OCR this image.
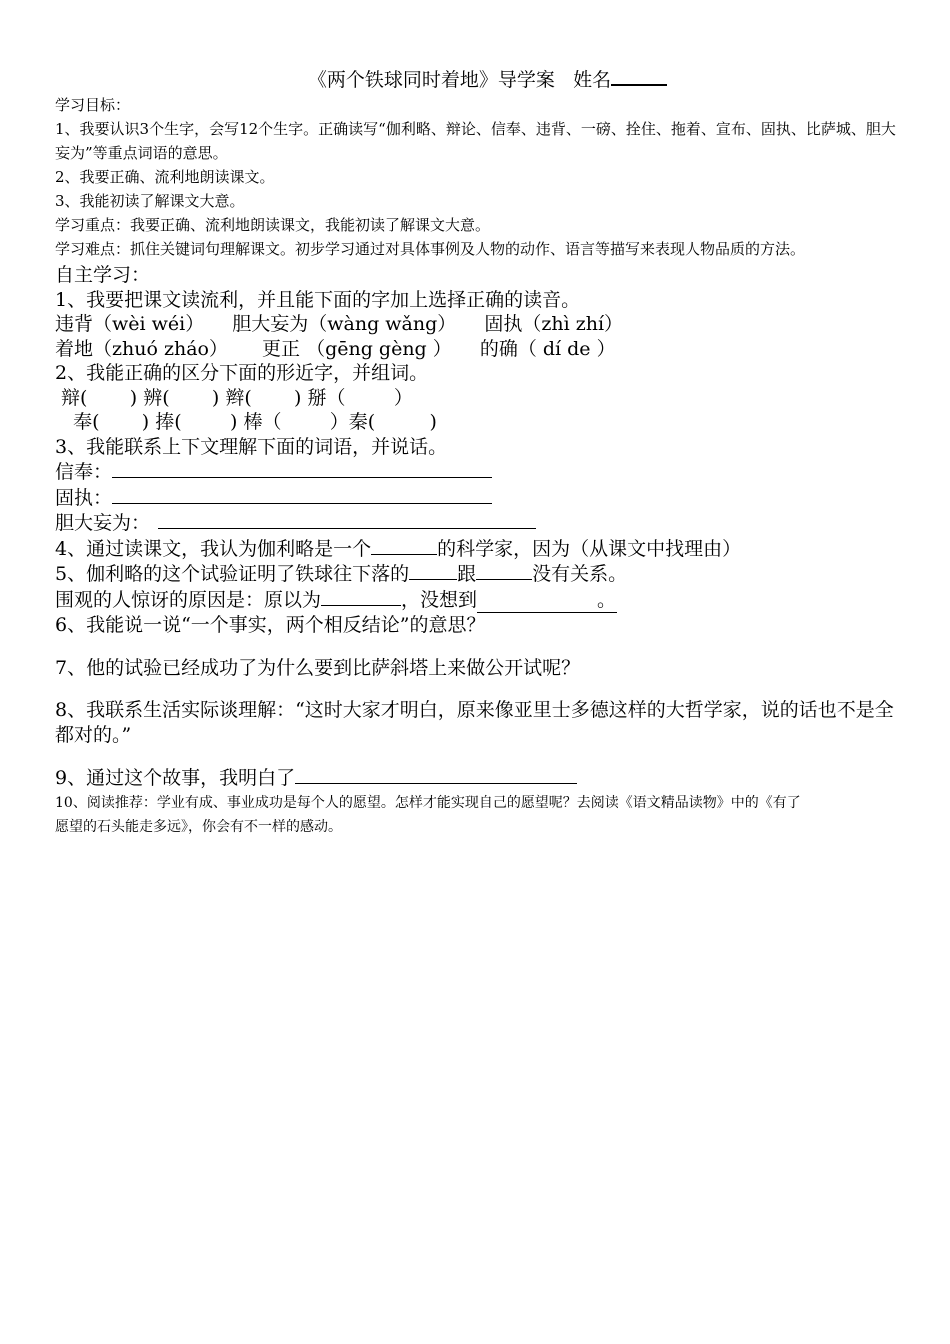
《两个铁球同时着地》导学案 姓名
学习目标：
1、我要认识3个生字，会写12个生字。正确读写“伽利略、辩论、信奉、违背、一磅、拴住、拖着、宣布、固执、比萨城、胆大妄为”等重点词语的意思。
2、我要正确、流利地朗读课文。
3、我能初读了解课文大意。
学习重点：我要正确、流利地朗读课文，我能初读了解课文大意。
学习难点：抓住关键词句理解课文。初步学习通过对具体事例及人物的动作、语言等描写来表现人物品质的方法。
自主学习：
1、我要把课文读流利，并且能下面的字加上选择正确的读音。
违背（wèi wéi） 胆大妄为（wàng wǎng） 固执（zhì zhí）
着地（zhuó zháo） 更正 （gēng gèng ） 的确（ dí de ）
2、我能正确的区分下面的形近字，并组词。
辩(       ) 辨(       ) 辫(       ) 掰（        ）
奉(       ) 捧(        ) 棒（        ）秦(         )
3、我能联系上下文理解下面的词语，并说话。
信奉：
固执：
胆大妄为：
4、通过读课文，我认为伽利略是一个	的科学家，因为（从课文中找理由）
5、伽利略的这个试验证明了铁球往下落的	跟	没有关系。
围观的人惊讶的原因是：原以为	，没想到	。
6、我能说一说“一个事实，两个相反结论”的意思？
7、他的试验已经成功了为什么要到比萨斜塔上来做公开试呢？
8、我联系生活实际谈理解：“这时大家才明白，原来像亚里士多德这样的大哲学家，说的话也不是全都对的。”
9、通过这个故事，我明白了
10、阅读推荐：学业有成、事业成功是每个人的愿望。怎样才能实现自己的愿望呢？去阅读《语文精品读物》中的《有了
愿望的石头能走多远》，你会有不一样的感动。
